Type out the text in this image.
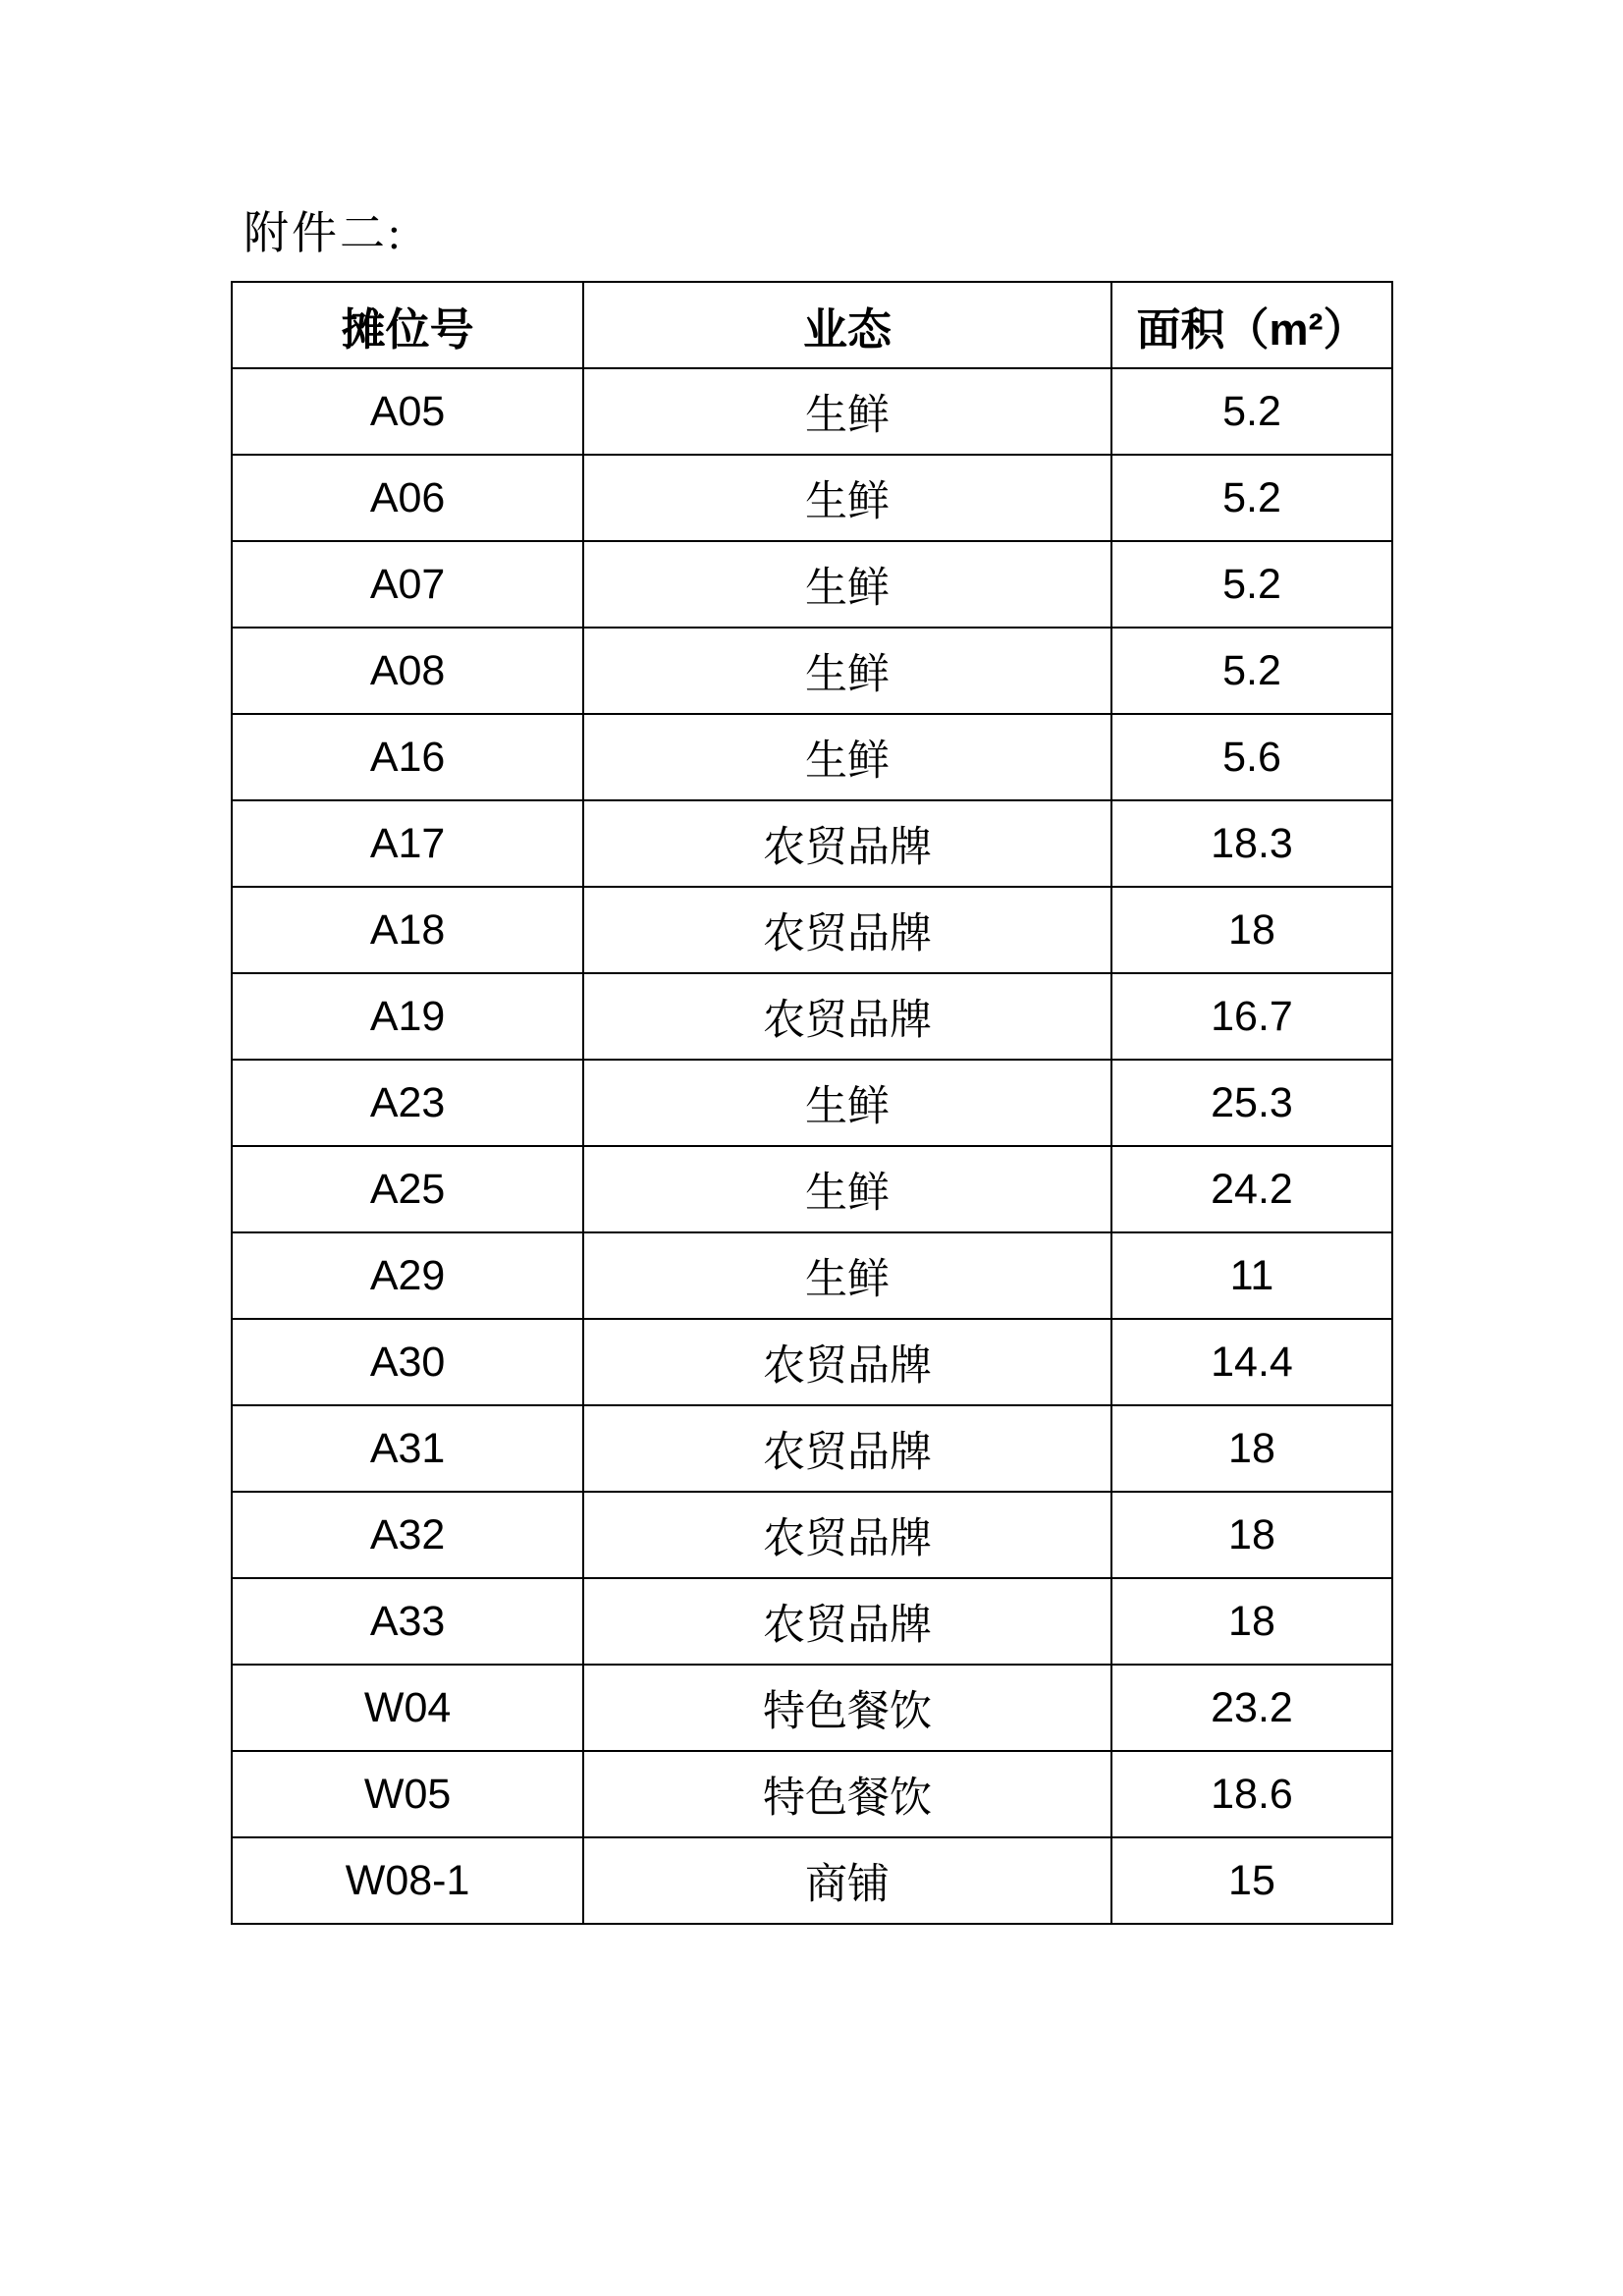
附件二:
摊位号	业态	面积（m²）
A05	生鲜	5.2
A06	生鲜	5.2
A07	生鲜	5.2
A08	生鲜	5.2
A16	生鲜	5.6
A17	农贸品牌	18.3
A18	农贸品牌	18
A19	农贸品牌	16.7
A23	生鲜	25.3
A25	生鲜	24.2
A29	生鲜	11
A30	农贸品牌	14.4
A31	农贸品牌	18
A32	农贸品牌	18
A33	农贸品牌	18
W04	特色餐饮	23.2
W05	特色餐饮	18.6
W08-1	商铺	15
